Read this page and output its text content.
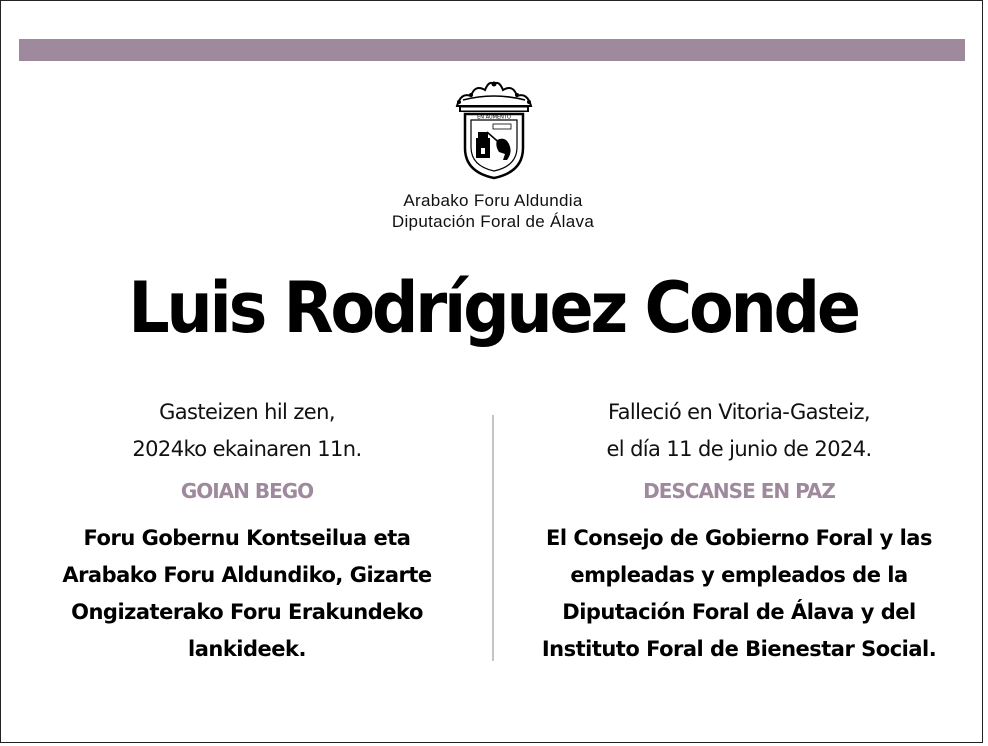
EN AUMENTO
Arabako Foru Aldundia
Diputación Foral de Álava
Luis Rodríguez Conde
Gasteizen hil zen,
2024ko ekainaren 11n.
GOIAN BEGO
Foru Gobernu Kontseilua eta
Arabako Foru Aldundiko, Gizarte
Ongizaterako Foru Erakundeko
lankideek.
Falleció en Vitoria-Gasteiz,
el día 11 de junio de 2024.
DESCANSE EN PAZ
El Consejo de Gobierno Foral y las
empleadas y empleados de la
Diputación Foral de Álava y del
Instituto Foral de Bienestar Social.
